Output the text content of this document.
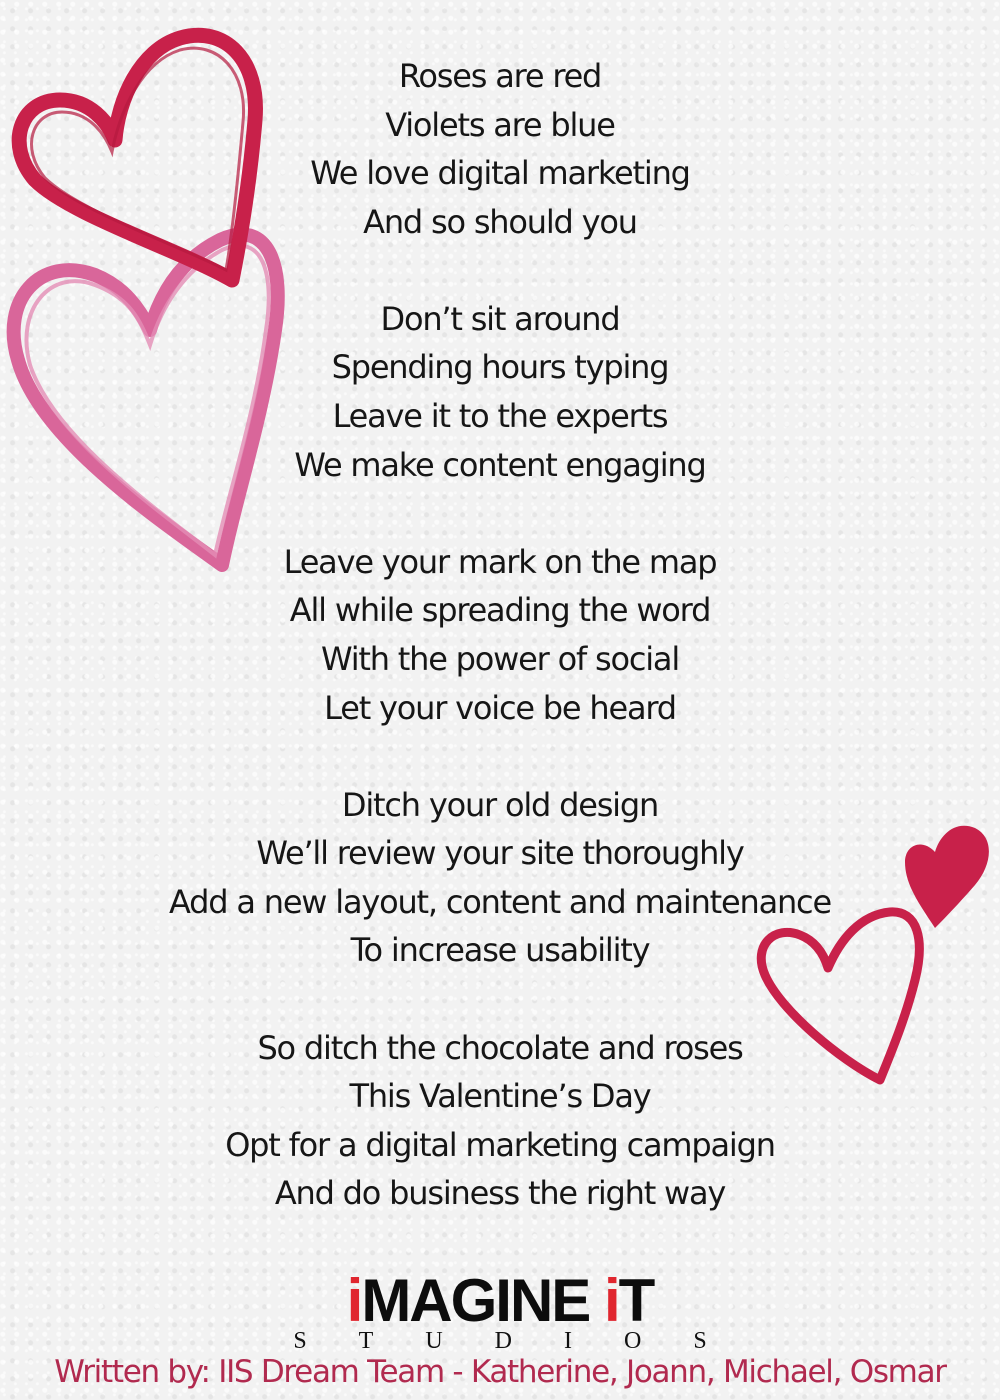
Roses are red
Violets are blue
We love digital marketing
And so should you
Don’t sit around
Spending hours typing
Leave it to the experts
We make content engaging
Leave your mark on the map
All while spreading the word
With the power of social
Let your voice be heard
Ditch your old design
We’ll review your site thoroughly
Add a new layout, content and maintenance
To increase usability
So ditch the chocolate and roses
This Valentine’s Day
Opt for a digital marketing campaign
And do business the right way
iMAGINE iT
STUDIOS
Written by: IIS Dream Team - Katherine, Joann, Michael, Osmar
